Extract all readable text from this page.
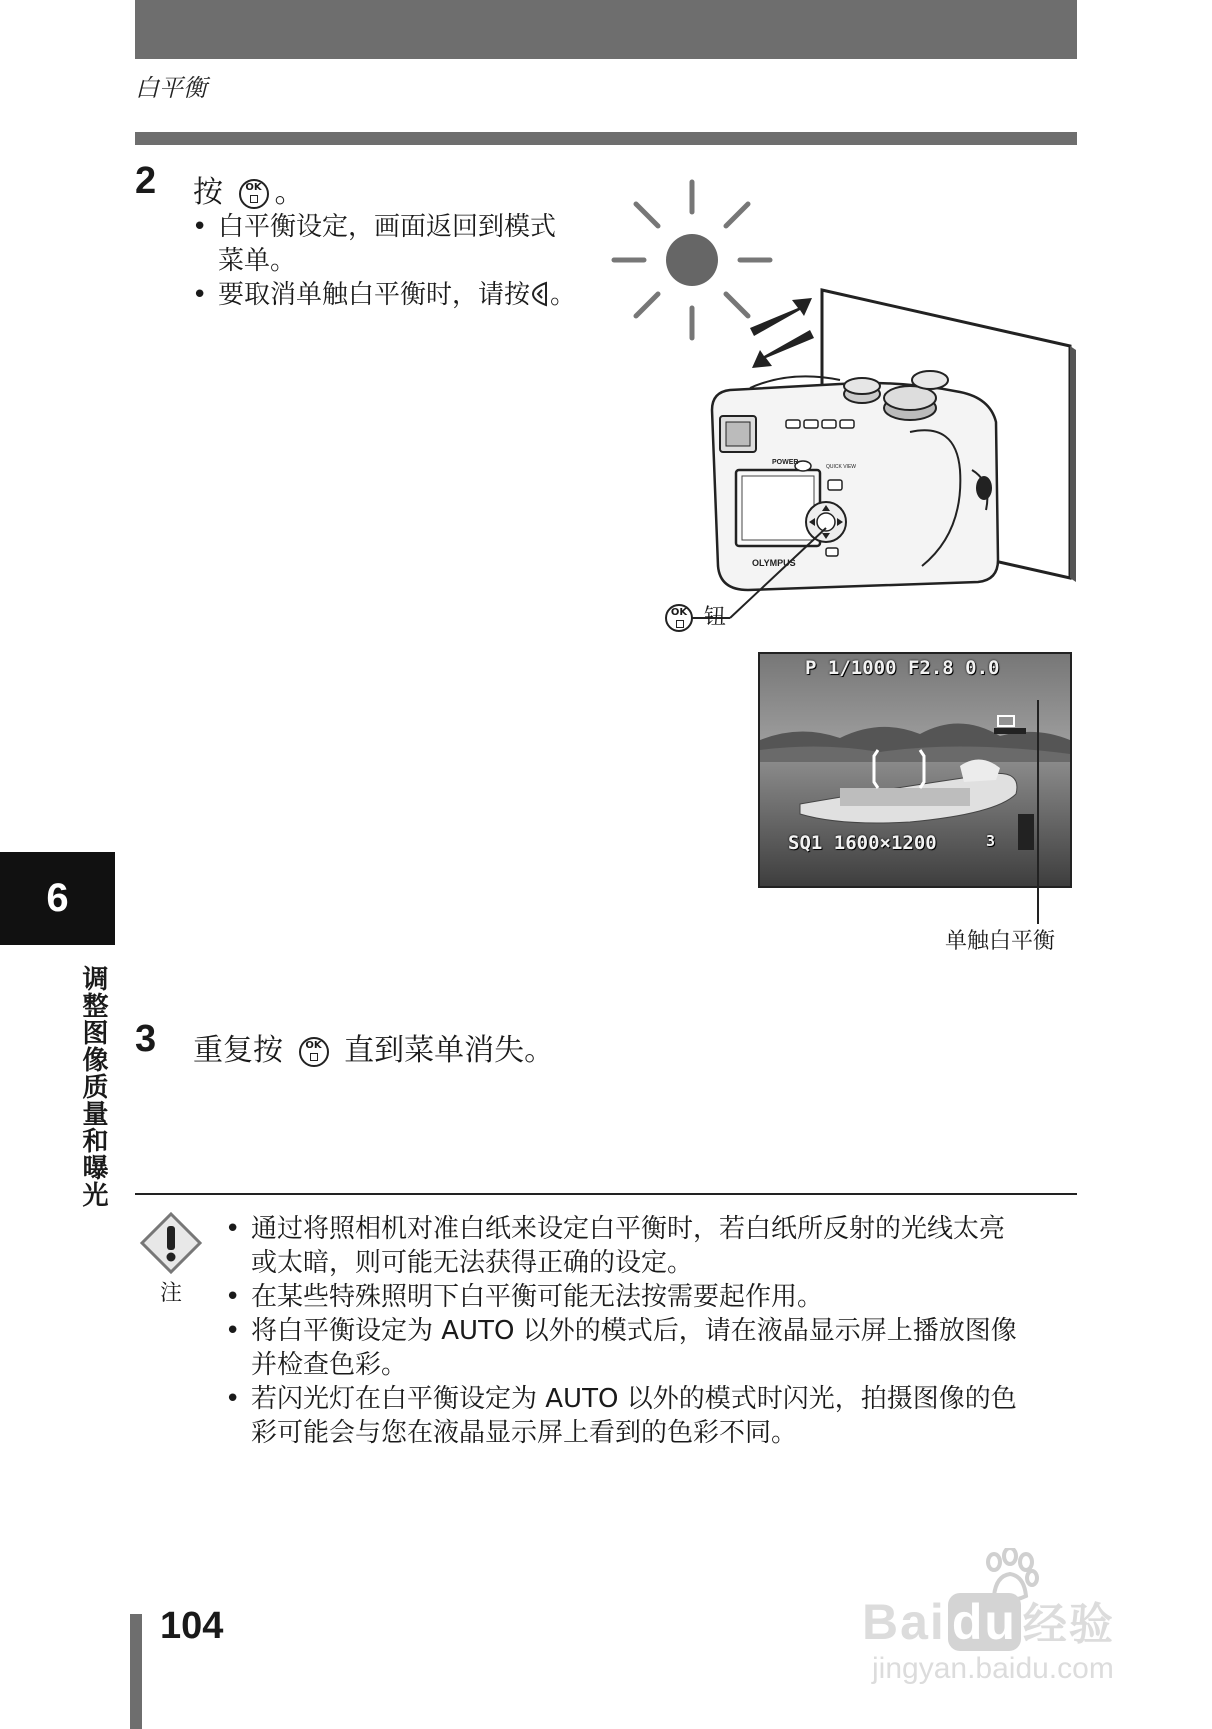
白平衡
2 按	OK 。
• 白平衡设定，画面返回到模式
菜单。
• 要取消单触白平衡时，请按 。
POWER
QUICK VIEW
OLYMPUS
OK 钮
P 1/1000 F2.8 0.0
SQ1 1600×1200	3
单触白平衡
3 重复按	OK 直到菜单消失。
6
调整图像质量和曝光
注
• 通过将照相机对准白纸来设定白平衡时，若白纸所反射的光线太亮
或太暗，则可能无法获得正确的设定。
• 在某些特殊照明下白平衡可能无法按需要起作用。
• 将白平衡设定为 AUTO 以外的模式后，请在液晶显示屏上播放图像
并检查色彩。
• 若闪光灯在白平衡设定为 AUTO 以外的模式时闪光，拍摄图像的色
彩可能会与您在液晶显示屏上看到的色彩不同。
104	Bai du 经验
jingyan.baidu.com
